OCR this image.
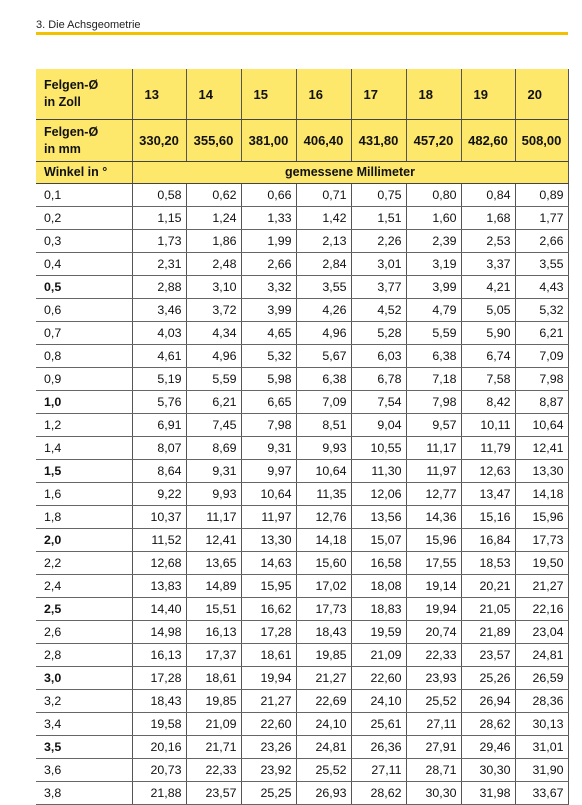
3. Die Achsgeometrie
Felgen-Ø
in Zoll	13	14	15	16	17	18	19	20
Felgen-Ø
in mm	330,20	355,60	381,00	406,40	431,80	457,20	482,60	508,00
Winkel in °	gemessene Millimeter							
0,1	0,58	0,62	0,66	0,71	0,75	0,80	0,84	0,89
0,2	1,15	1,24	1,33	1,42	1,51	1,60	1,68	1,77
0,3	1,73	1,86	1,99	2,13	2,26	2,39	2,53	2,66
0,4	2,31	2,48	2,66	2,84	3,01	3,19	3,37	3,55
0,5	2,88	3,10	3,32	3,55	3,77	3,99	4,21	4,43
0,6	3,46	3,72	3,99	4,26	4,52	4,79	5,05	5,32
0,7	4,03	4,34	4,65	4,96	5,28	5,59	5,90	6,21
0,8	4,61	4,96	5,32	5,67	6,03	6,38	6,74	7,09
0,9	5,19	5,59	5,98	6,38	6,78	7,18	7,58	7,98
1,0	5,76	6,21	6,65	7,09	7,54	7,98	8,42	8,87
1,2	6,91	7,45	7,98	8,51	9,04	9,57	10,11	10,64
1,4	8,07	8,69	9,31	9,93	10,55	11,17	11,79	12,41
1,5	8,64	9,31	9,97	10,64	11,30	11,97	12,63	13,30
1,6	9,22	9,93	10,64	11,35	12,06	12,77	13,47	14,18
1,8	10,37	11,17	11,97	12,76	13,56	14,36	15,16	15,96
2,0	11,52	12,41	13,30	14,18	15,07	15,96	16,84	17,73
2,2	12,68	13,65	14,63	15,60	16,58	17,55	18,53	19,50
2,4	13,83	14,89	15,95	17,02	18,08	19,14	20,21	21,27
2,5	14,40	15,51	16,62	17,73	18,83	19,94	21,05	22,16
2,6	14,98	16,13	17,28	18,43	19,59	20,74	21,89	23,04
2,8	16,13	17,37	18,61	19,85	21,09	22,33	23,57	24,81
3,0	17,28	18,61	19,94	21,27	22,60	23,93	25,26	26,59
3,2	18,43	19,85	21,27	22,69	24,10	25,52	26,94	28,36
3,4	19,58	21,09	22,60	24,10	25,61	27,11	28,62	30,13
3,5	20,16	21,71	23,26	24,81	26,36	27,91	29,46	31,01
3,6	20,73	22,33	23,92	25,52	27,11	28,71	30,30	31,90
3,8	21,88	23,57	25,25	26,93	28,62	30,30	31,98	33,67
